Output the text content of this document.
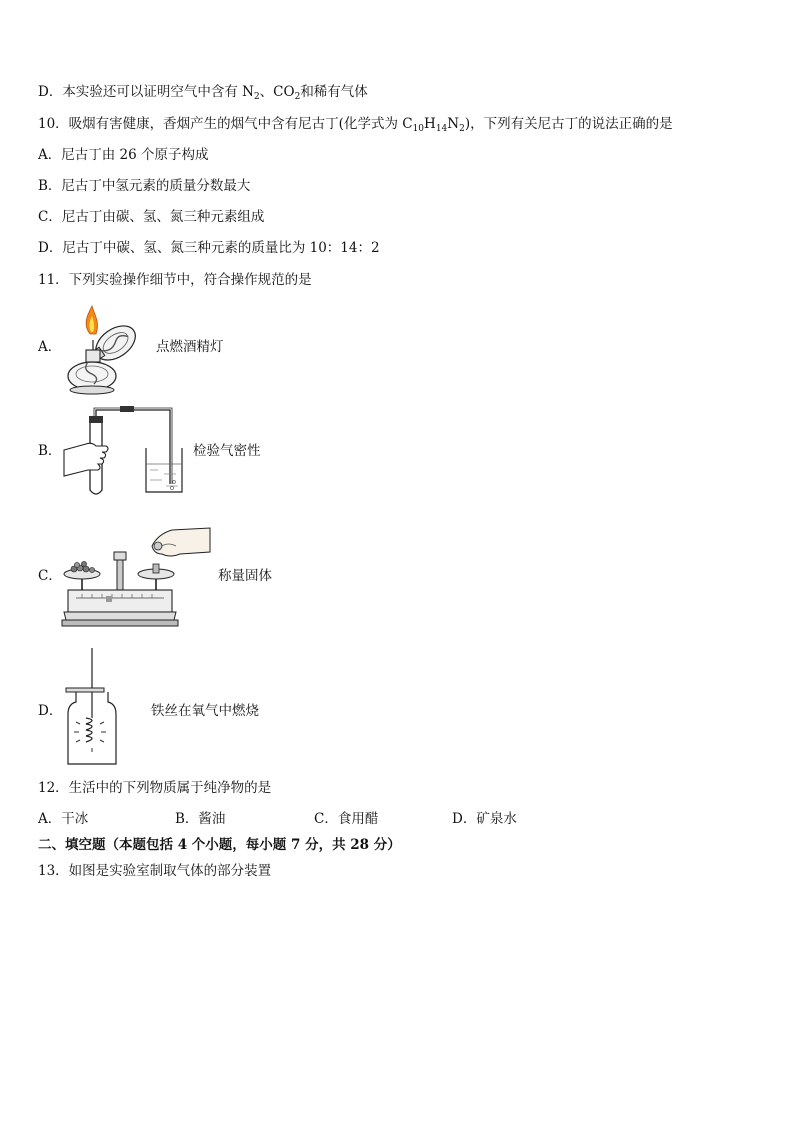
D．本实验还可以证明空气中含有 $N_2$、$CO_2$和稀有气体
10．吸烟有害健康，香烟产生的烟气中含有尼古丁(化学式为 $C_{10}H_{14}N_2$)，下列有关尼古丁的说法正确的是
A．尼古丁由 26 个原子构成
B．尼古丁中氢元素的质量分数最大
C．尼古丁由碳、氢、氮三种元素组成
D．尼古丁中碳、氢、氮三种元素的质量比为 10：14：2
11．下列实验操作细节中，符合操作规范的是
A．	点燃酒精灯
B．	检验气密性
C．	称量固体
D．	铁丝在氧气中燃烧
12．生活中的下列物质属于纯净物的是
A．干冰	B．酱油	C．食用醋	D．矿泉水
二、填空题（本题包括 4 个小题，每小题 7 分，共 28 分）
13．如图是实验室制取气体的部分装置
